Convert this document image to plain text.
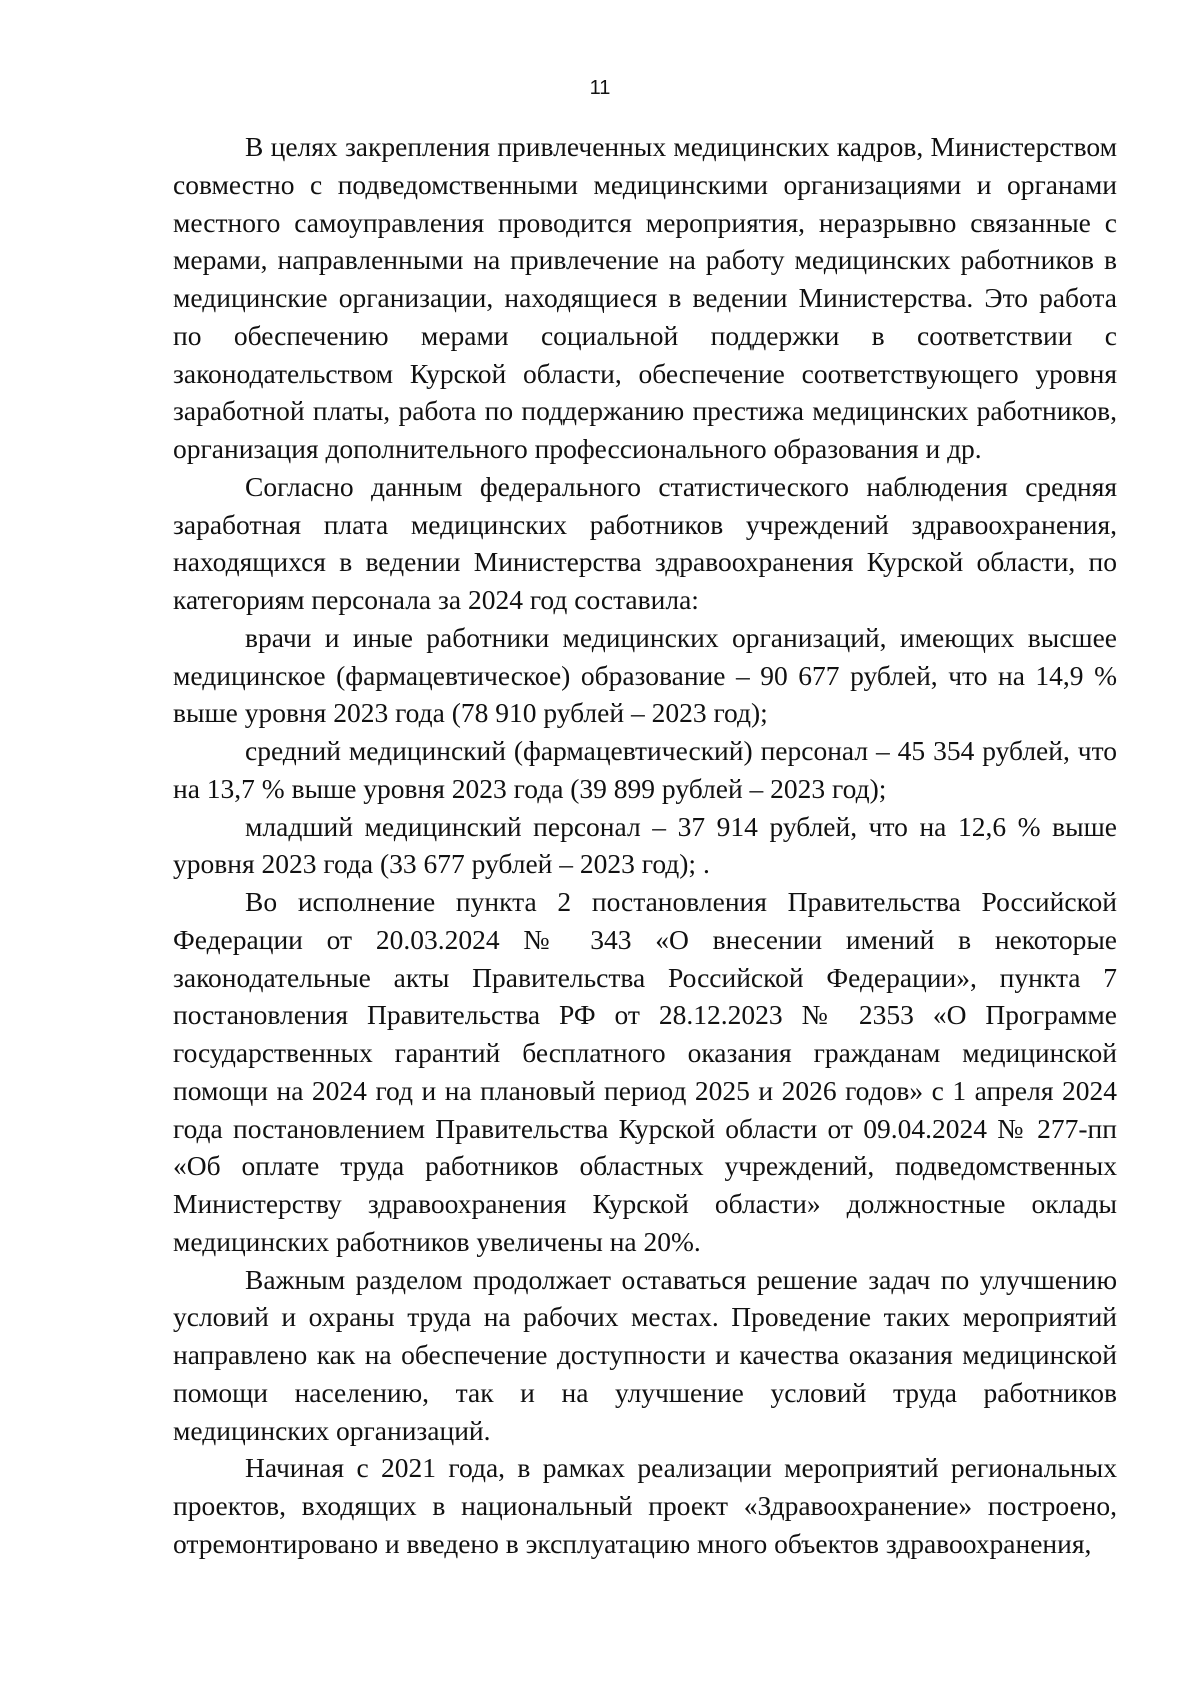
11

В целях закрепления привлеченных медицинских кадров, Министерством совместно с подведомственными медицинскими организациями и органами местного самоуправления проводится мероприятия, неразрывно связанные с мерами, направленными на привлечение на работу медицинских работников в медицинские организации, находящиеся в ведении Министерства. Это работа по обеспечению мерами социальной поддержки в соответствии с законодательством Курской области, обеспечение соответствующего уровня заработной платы, работа по поддержанию престижа медицинских работников, организация дополнительного профессионального образования и др.

Согласно данным федерального статистического наблюдения средняя заработная плата медицинских работников учреждений здравоохранения, находящихся в ведении Министерства здравоохранения Курской области, по категориям персонала за 2024 год составила:

врачи и иные работники медицинских организаций, имеющих высшее медицинское (фармацевтическое) образование – 90 677 рублей, что на 14,9 % выше уровня 2023 года (78 910 рублей – 2023 год);

средний медицинский (фармацевтический) персонал – 45 354 рублей, что на 13,7 % выше уровня 2023 года (39 899 рублей – 2023 год);

младший медицинский персонал – 37 914 рублей, что на 12,6 % выше уровня 2023 года (33 677 рублей – 2023 год); .

Во исполнение пункта 2 постановления Правительства Российской Федерации от 20.03.2024 № 343 «О внесении имений в некоторые законодательные акты Правительства Российской Федерации», пункта 7 постановления Правительства РФ от 28.12.2023 № 2353 «О Программе государственных гарантий бесплатного оказания гражданам медицинской помощи на 2024 год и на плановый период 2025 и 2026 годов» с 1 апреля 2024 года постановлением Правительства Курской области от 09.04.2024 № 277-пп «Об оплате труда работников областных учреждений, подведомственных Министерству здравоохранения Курской области» должностные оклады медицинских работников увеличены на 20%.

Важным разделом продолжает оставаться решение задач по улучшению условий и охраны труда на рабочих местах. Проведение таких мероприятий направлено как на обеспечение доступности и качества оказания медицинской помощи населению, так и на улучшение условий труда работников медицинских организаций.

Начиная с 2021 года, в рамках реализации мероприятий региональных проектов, входящих в национальный проект «Здравоохранение» построено, отремонтировано и введено в эксплуатацию много объектов здравоохранения,
